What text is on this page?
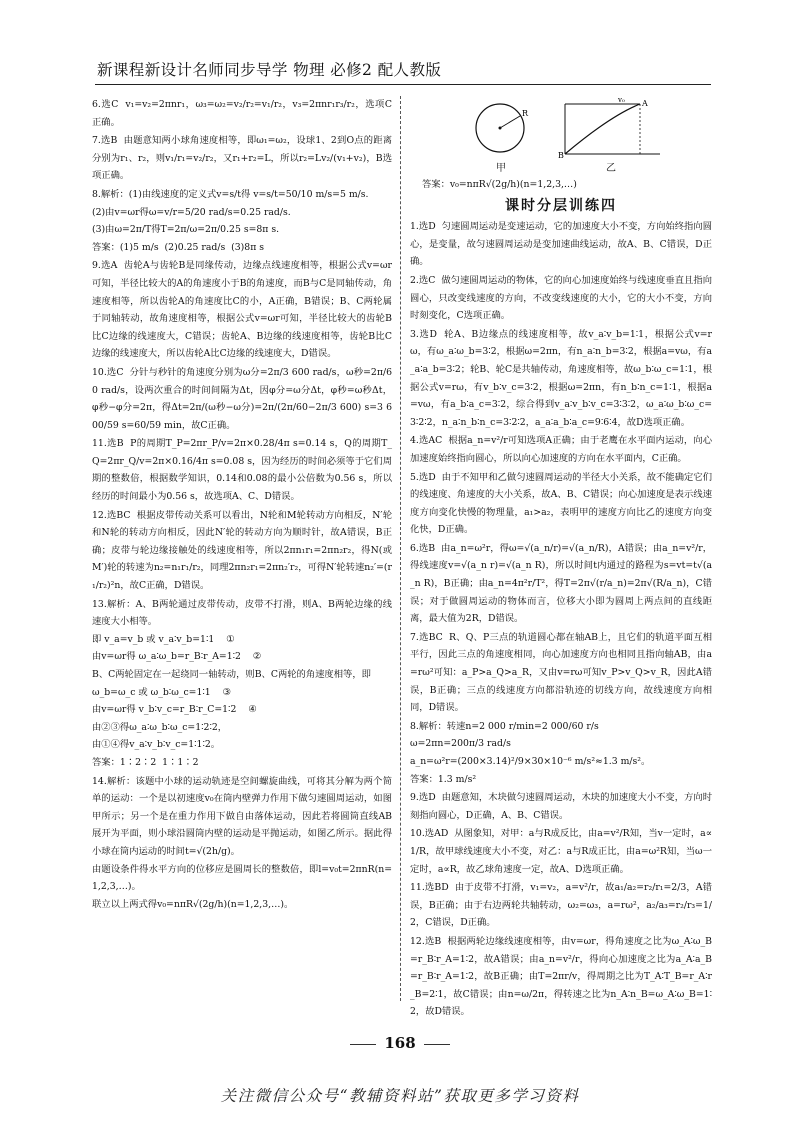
新课程新设计名师同步导学 物理 必修2 配人教版
6.选C  v₁=v₂=2πnr₁，ω₃=ω₂=v₂/r₂=v₁/r₂，v₃=2πnr₁r₃/r₂，选项C正确。
7.选B  由题意知两小球角速度相等，即ω₁=ω₂，设球1、2到O点的距离分别为r₁、r₂，则v₁/r₁=v₂/r₂，又r₁+r₂=L，所以r₂=Lv₂/(v₁+v₂)，B选项正确。
8.解析：(1)由线速度的定义式v=s/t得 v=s/t=50/10 m/s=5 m/s.
(2)由v=ωr得ω=v/r=5/20 rad/s=0.25 rad/s.
(3)由ω=2π/T得T=2π/ω=2π/0.25 s=8π s.
答案：(1)5 m/s  (2)0.25 rad/s  (3)8π s
9.选A  齿轮A与齿轮B是同缘传动，边缘点线速度相等，根据公式v=ωr可知，半径比较大的A的角速度小于B的角速度，而B与C是同轴传动，角速度相等，所以齿轮A的角速度比C的小，A正确，B错误；B、C两轮属于同轴转动，故角速度相等，根据公式v=ωr可知，半径比较大的齿轮B比C边缘的线速度大，C错误；齿轮A、B边缘的线速度相等，齿轮B比C边缘的线速度大，所以齿轮A比C边缘的线速度大，D错误。
10.选C  分针与秒针的角速度分别为ω分=2π/3 600 rad/s，ω秒=2π/60 rad/s，设两次重合的时间间隔为Δt，因φ分=ω分Δt，φ秒=ω秒Δt，φ秒−φ分=2π，得Δt=2π/(ω秒−ω分)=2π/(2π/60−2π/3 600) s=3 600/59 s=60/59 min，故C正确。
11.选B  P的周期T_P=2πr_P/v=2π×0.28/4π s=0.14 s，Q的周期T_Q=2πr_Q/v=2π×0.16/4π s=0.08 s，因为经历的时间必须等于它们周期的整数倍，根据数学知识，0.14和0.08的最小公倍数为0.56 s，所以经历的时间最小为0.56 s，故选项A、C、D错误。
12.选BC  根据皮带传动关系可以看出，N轮和M轮转动方向相反，N′轮和N轮的转动方向相反，因此N′轮的转动方向为顺时针，故A错误，B正确；皮带与轮边缘接触处的线速度相等，所以2πn₁r₁=2πn₂r₂，得N(或M′)轮的转速为n₂=n₁r₁/r₂，同理2πn₂r₁=2πn₂′r₂，可得N′轮转速n₂′=(r₁/r₂)²n，故C正确，D错误。
13.解析：A、B两轮通过皮带传动，皮带不打滑，则A、B两轮边缘的线速度大小相等。
即 v_a=v_b 或 v_a∶v_b=1∶1    ①
由v=ωr得 ω_a∶ω_b=r_B∶r_A=1∶2    ②
B、C两轮固定在一起绕同一轴转动，则B、C两轮的角速度相等，即
ω_b=ω_c 或 ω_b∶ω_c=1∶1    ③
由v=ωr得 v_b∶v_c=r_B∶r_C=1∶2    ④
由②③得ω_a∶ω_b∶ω_c=1∶2∶2，
由①④得v_a∶v_b∶v_c=1∶1∶2。
答案：1∶2∶2  1∶1∶2
14.解析：该题中小球的运动轨迹是空间螺旋曲线，可将其分解为两个简单的运动：一个是以初速度v₀在筒内壁弹力作用下做匀速圆周运动，如图甲所示；另一个是在重力作用下做自由落体运动，因此若将圆筒直线AB展开为平面，则小球沿圆筒内壁的运动是平抛运动，如图乙所示。据此得小球在筒内运动的时间t=√(2h/g)。
由题设条件得水平方向的位移应是圆周长的整数倍，即l=v₀t=2πnR(n=1,2,3,…)。
联立以上两式得v₀=nπR√(2g/h)(n=1,2,3,…)。
R
B
A
v₀
甲	乙
答案：v₀=nπR√(2g/h)(n=1,2,3,…)
课时分层训练四
1.选D  匀速圆周运动是变速运动，它的加速度大小不变，方向始终指向圆心，是变量，故匀速圆周运动是变加速曲线运动，故A、B、C错误，D正确。
2.选C  做匀速圆周运动的物体，它的向心加速度始终与线速度垂直且指向圆心，只改变线速度的方向，不改变线速度的大小，它的大小不变，方向时刻变化，C选项正确。
3.选D  轮A、B边缘点的线速度相等，故v_a∶v_b=1∶1，根据公式v=rω，有ω_a∶ω_b=3∶2，根据ω=2πn，有n_a∶n_b=3∶2，根据a=vω，有a_a∶a_b=3∶2；轮B、轮C是共轴传动，角速度相等，故ω_b∶ω_c=1∶1，根据公式v=rω，有v_b∶v_c=3∶2，根据ω=2πn，有n_b∶n_c=1∶1，根据a=vω，有a_b∶a_c=3∶2，综合得到v_a∶v_b∶v_c=3∶3∶2，ω_a∶ω_b∶ω_c=3∶2∶2，n_a∶n_b∶n_c=3∶2∶2，a_a∶a_b∶a_c=9∶6∶4，故D选项正确。
4.选AC  根据a_n=v²/r可知选项A正确；由于老鹰在水平面内运动，向心加速度始终指向圆心，所以向心加速度的方向在水平面内，C正确。
5.选D  由于不知甲和乙做匀速圆周运动的半径大小关系，故不能确定它们的线速度、角速度的大小关系，故A、B、C错误；向心加速度是表示线速度方向变化快慢的物理量，a₁>a₂，表明甲的速度方向比乙的速度方向变化快，D正确。
6.选B  由a_n=ω²r，得ω=√(a_n/r)=√(a_n/R)，A错误；由a_n=v²/r，得线速度v=√(a_n r)=√(a_n R)，所以时间t内通过的路程为s=vt=t√(a_n R)，B正确；由a_n=4π²r/T²，得T=2π√(r/a_n)=2π√(R/a_n)，C错误；对于做圆周运动的物体而言，位移大小即为圆周上两点间的直线距离，最大值为2R，D错误。
7.选BC  R、Q、P三点的轨道圆心都在轴AB上，且它们的轨道平面互相平行，因此三点的角速度相同，向心加速度方向也相同且指向轴AB，由a=rω²可知：a_P>a_Q>a_R，又由v=rω可知v_P>v_Q>v_R，因此A错误，B正确；三点的线速度方向都沿轨迹的切线方向，故线速度方向相同，D错误。
8.解析：转速n=2 000 r/min=2 000/60 r/s
ω=2πn=200π/3 rad/s
a_n=ω²r=(200×3.14)²/9×30×10⁻⁶ m/s²≈1.3 m/s²。
答案：1.3 m/s²
9.选D  由题意知，木块做匀速圆周运动，木块的加速度大小不变，方向时刻指向圆心，D正确，A、B、C错误。
10.选AD  从图象知，对甲：a与R成反比，由a=v²/R知，当v一定时，a∝1/R，故甲球线速度大小不变，对乙：a与R成正比，由a=ω²R知，当ω一定时，a∝R，故乙球角速度一定，故A、D选项正确。
11.选BD  由于皮带不打滑，v₁=v₂，a=v²/r，故a₁/a₂=r₂/r₁=2/3，A错误，B正确；由于右边两轮共轴转动，ω₂=ω₃，a=rω²，a₂/a₃=r₂/r₃=1/2，C错误，D正确。
12.选B  根据两轮边缘线速度相等，由v=ωr，得角速度之比为ω_A∶ω_B=r_B∶r_A=1∶2，故A错误；由a_n=v²/r，得向心加速度之比为a_A∶a_B=r_B∶r_A=1∶2，故B正确；由T=2πr/v，得周期之比为T_A∶T_B=r_A∶r_B=2∶1，故C错误；由n=ω/2π，得转速之比为n_A∶n_B=ω_A∶ω_B=1∶2，故D错误。
168
关注微信公众号“教辅资料站”获取更多学习资料
